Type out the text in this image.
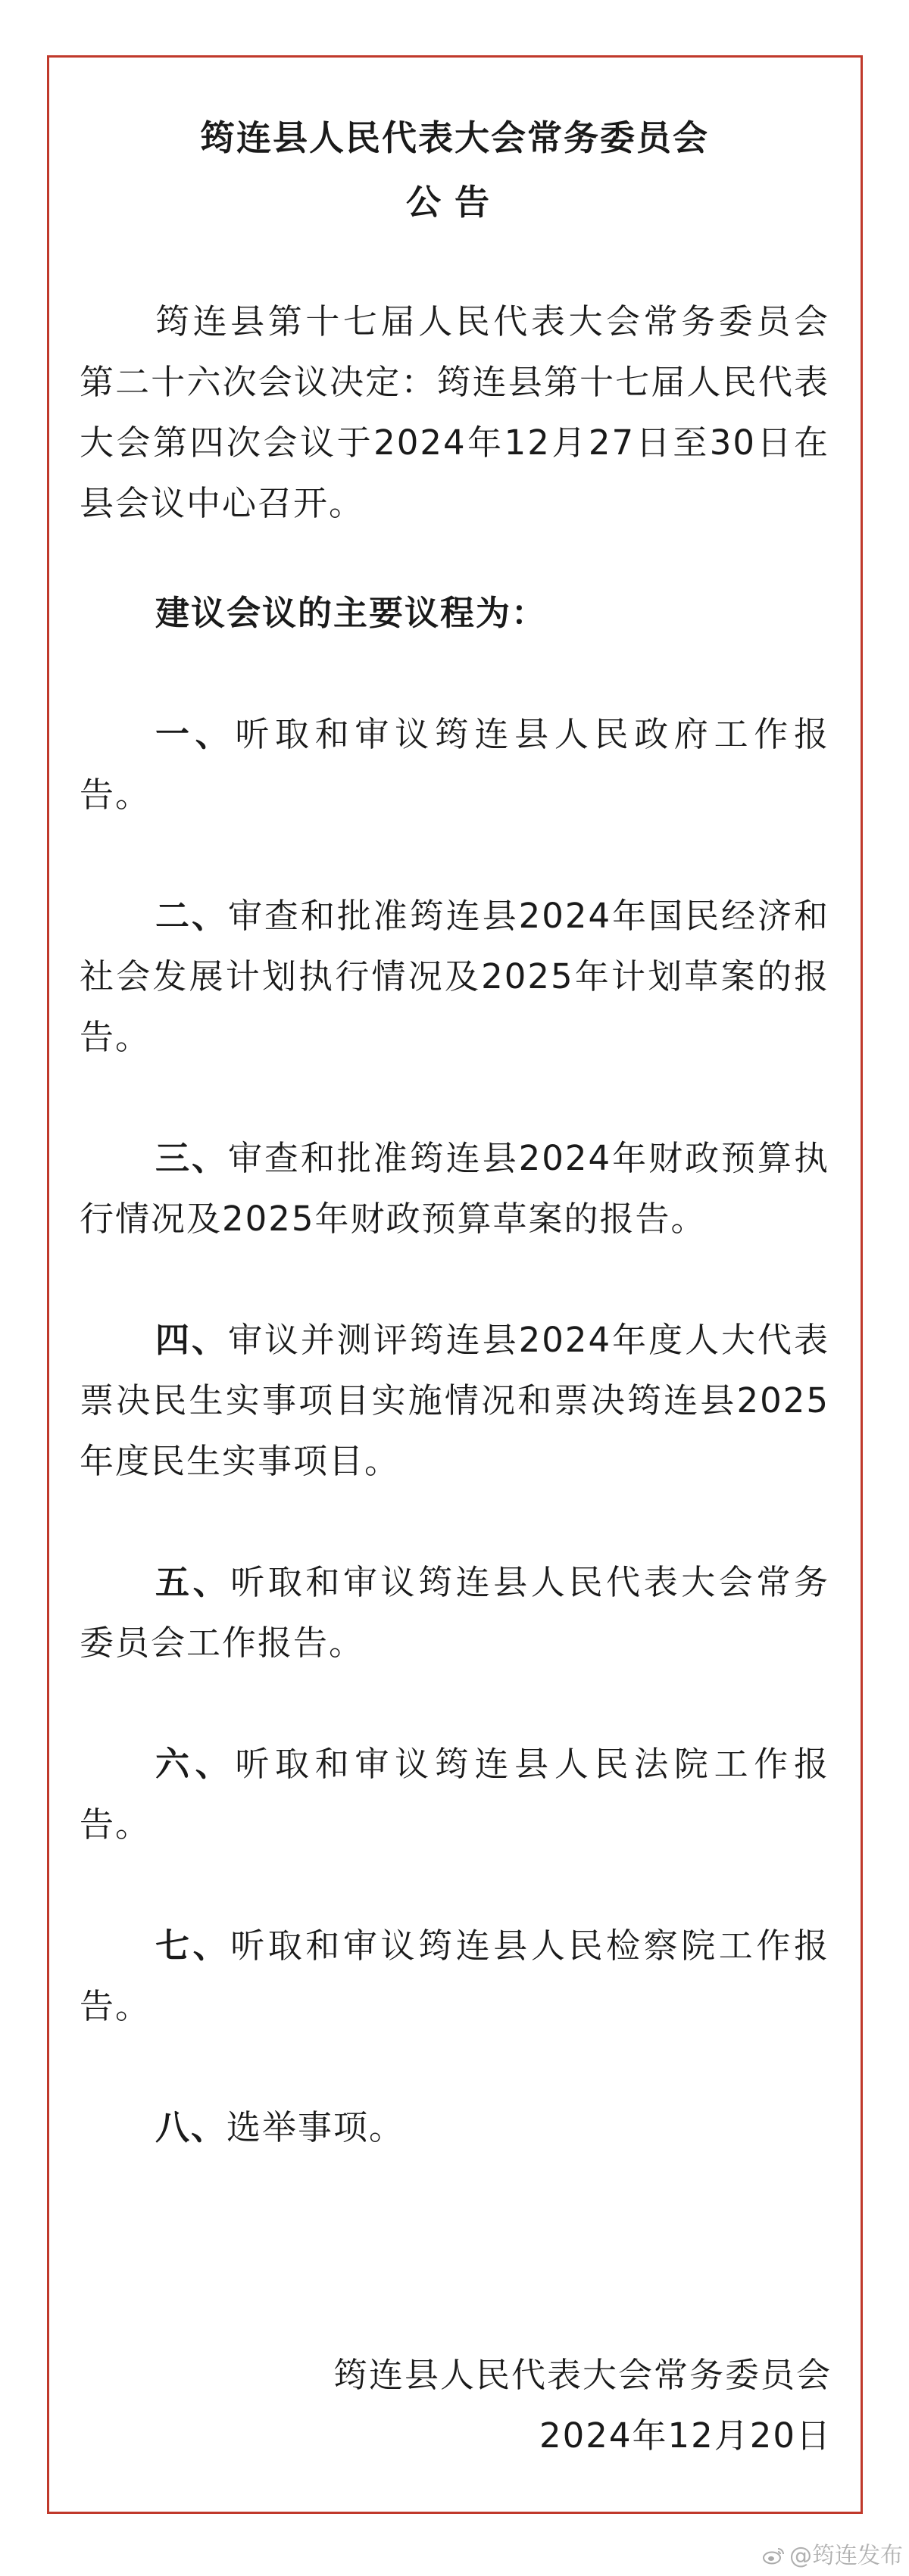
筠连县人民代表大会常务委员会
公告

筠连县第十七届人民代表大会常务委员会第二十六次会议决定：筠连县第十七届人民代表大会第四次会议于2024年12月27日至30日在县会议中心召开。

建议会议的主要议程为：

一、听取和审议筠连县人民政府工作报告。

二、审查和批准筠连县2024年国民经济和社会发展计划执行情况及2025年计划草案的报告。

三、审查和批准筠连县2024年财政预算执行情况及2025年财政预算草案的报告。

四、审议并测评筠连县2024年度人大代表票决民生实事项目实施情况和票决筠连县2025年度民生实事项目。

五、听取和审议筠连县人民代表大会常务委员会工作报告。

六、听取和审议筠连县人民法院工作报告。

七、听取和审议筠连县人民检察院工作报告。

八、选举事项。

筠连县人民代表大会常务委员会
2024年12月20日
@筠连发布
